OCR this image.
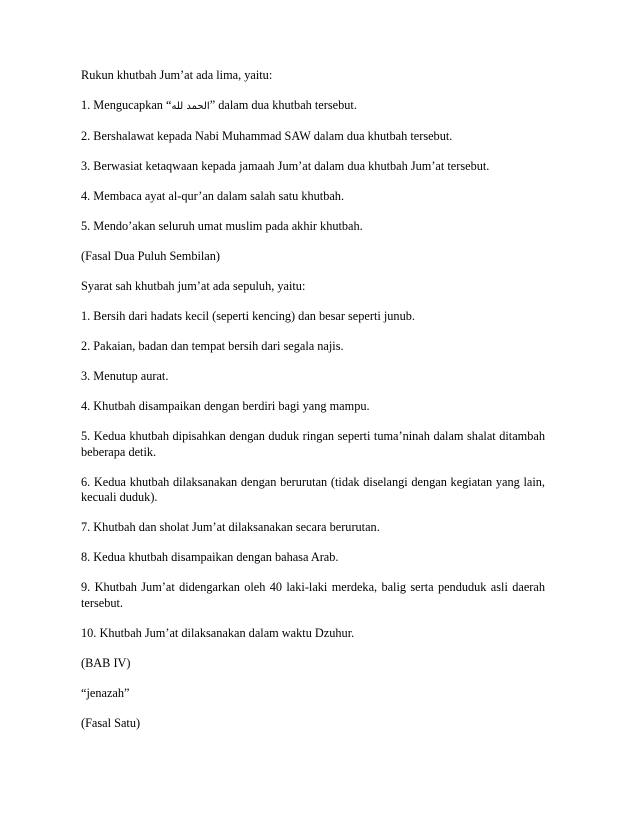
Rukun khutbah Jum’at ada lima, yaitu:

1. Mengucapkan “الحمد لله” dalam dua khutbah tersebut.

2. Bershalawat kepada Nabi Muhammad SAW dalam dua khutbah tersebut.

3. Berwasiat ketaqwaan kepada jamaah Jum’at dalam dua khutbah Jum’at tersebut.

4. Membaca ayat al-qur’an dalam salah satu khutbah.

5. Mendo’akan seluruh umat muslim pada akhir khutbah.

(Fasal Dua Puluh Sembilan)

Syarat sah khutbah jum’at ada sepuluh, yaitu:

1. Bersih dari hadats kecil (seperti kencing) dan besar seperti junub.

2. Pakaian, badan dan tempat bersih dari segala najis.

3. Menutup aurat.

4. Khutbah disampaikan dengan berdiri bagi yang mampu.

5. Kedua khutbah dipisahkan dengan duduk ringan seperti tuma’ninah dalam shalat ditambah beberapa detik.

6. Kedua khutbah dilaksanakan dengan berurutan (tidak diselangi dengan kegiatan yang lain, kecuali duduk).

7. Khutbah dan sholat Jum’at dilaksanakan secara berurutan.

8. Kedua khutbah disampaikan dengan bahasa Arab.

9. Khutbah Jum’at didengarkan oleh 40 laki-laki merdeka, balig serta penduduk asli daerah tersebut.

10. Khutbah Jum’at dilaksanakan dalam waktu Dzuhur.

(BAB IV)

“jenazah”

(Fasal Satu)
